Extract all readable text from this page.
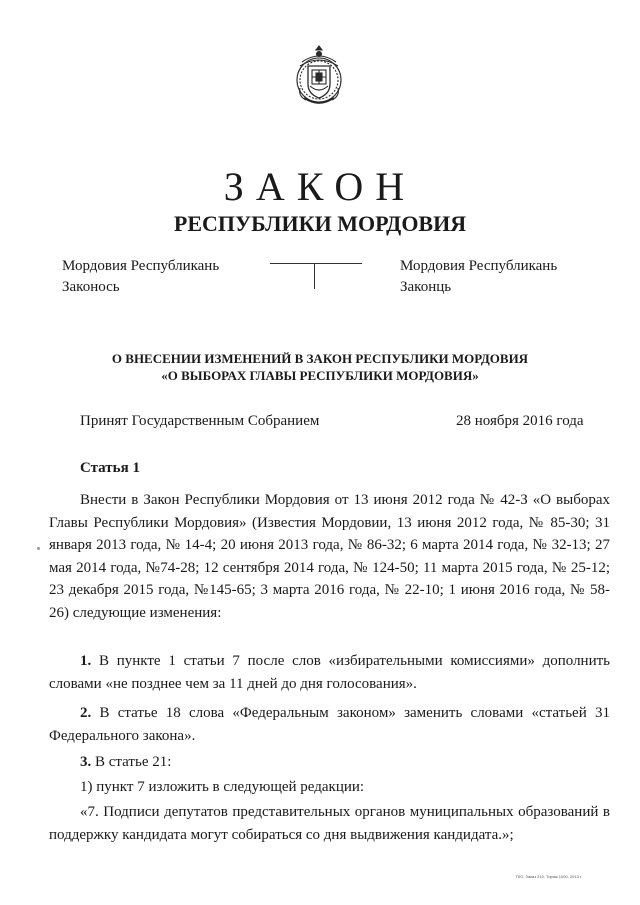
ЗАКОН
РЕСПУБЛИКИ МОРДОВИЯ
Мордовия Республикань
Законось
Мордовия Республикань
Законць
О ВНЕСЕНИИ ИЗМЕНЕНИЙ В ЗАКОН РЕСПУБЛИКИ МОРДОВИЯ
«О ВЫБОРАХ ГЛАВЫ РЕСПУБЛИКИ МОРДОВИЯ»
Принят Государственным Собранием	28 ноября 2016 года
Статья 1
Внести в Закон Республики Мордовия от 13 июня 2012 года № 42-З «О выборах Главы Республики Мордовия» (Известия Мордовии, 13 июня 2012 года, № 85-30; 31 января 2013 года, № 14-4; 20 июня 2013 года, № 86-32; 6 марта 2014 года, № 32-13; 27 мая 2014 года, №74-28; 12 сентября 2014 года, № 124-50; 11 марта 2015 года, № 25-12; 23 декабря 2015 года, №145-65; 3 марта 2016 года, № 22-10; 1 июня 2016 года, № 58-26) следующие изменения:
1. В пункте 1 статьи 7 после слов «избирательными комиссиями» дополнить словами «не позднее чем за 11 дней до дня голосования».
2. В статье 18 слова «Федеральным законом» заменить словами «статьей 31 Федерального закона».
3. В статье 21:
1) пункт 7 изложить в следующей редакции:
«7. Подписи депутатов представительных органов муниципальных образований в поддержку кандидата могут собираться со дня выдвижения кандидата.»;
ТКО, Заказ 210, Тираж 1000, 2013 г.
